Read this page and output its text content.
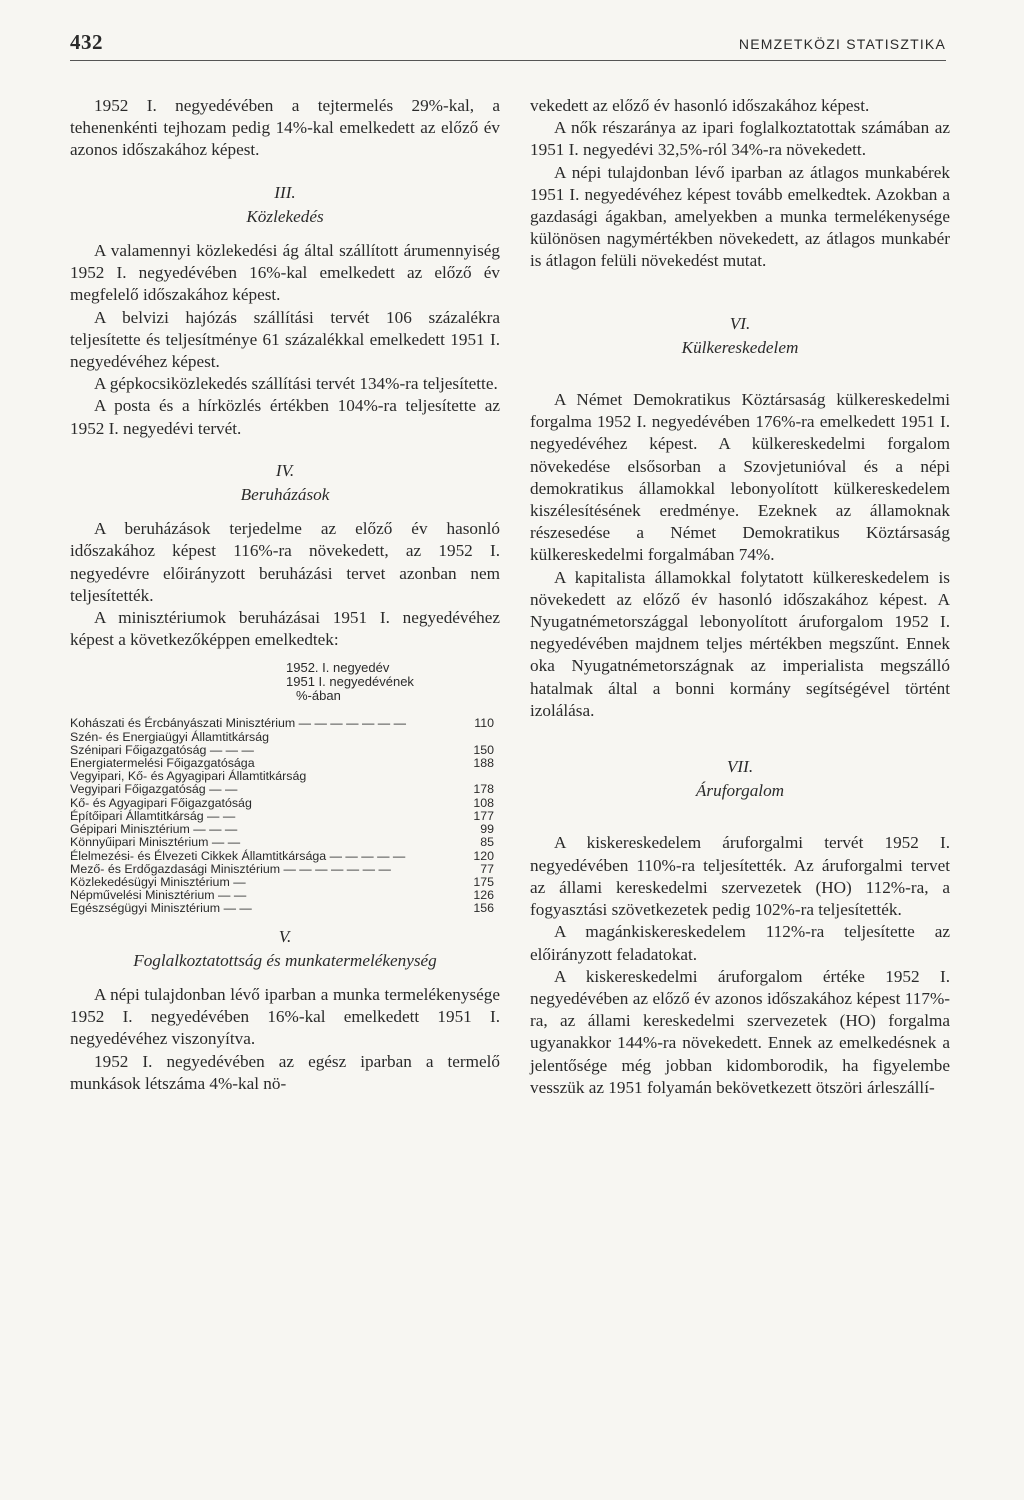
432	NEMZETKÖZI STATISZTIKA

1952 I. negyedévében a tejtermelés 29%-kal, a tehenenkénti tejhozam pedig 14%-kal emelkedett az előző év azonos időszakához képest.

III.
Közlekedés

A valamennyi közlekedési ág által szállított árumennyiség 1952 I. negyedévében 16%-kal emelkedett az előző év megfelelő időszakához képest.

A belvizi hajózás szállítási tervét 106 százalékra teljesítette és teljesítménye 61 százalékkal emelkedett 1951 I. negyedévéhez képest.

A gépkocsiközlekedés szállítási tervét 134%-ra teljesítette.

A posta és a hírközlés értékben 104%-ra teljesítette az 1952 I. negyedévi tervét.

IV.
Beruházások

A beruházások terjedelme az előző év hasonló időszakához képest 116%-ra növekedett, az 1952 I. negyedévre előirányzott beruházási tervet azonban nem teljesítették.

A minisztériumok beruházásai 1951 I. negyedévéhez képest a következőképpen emelkedtek:

1952. I. negyedév
1951 I. negyedévének
%-ában
Kohászati és Ércbányászati Minisztérium — — — — — — —	110
Szén- és Energiaügyi Államtitkárság
Szénipari Főigazgatóság — — —	150
Energiatermelési Főigazgatósága	188
Vegyipari, Kő- és Agyagipari Államtitkárság
Vegyipari Főigazgatóság — —	178
Kő- és Agyagipari Főigazgatóság	108
Építőipari Államtitkárság — —	177
Gépipari Minisztérium — — —	99
Könnyűipari Minisztérium — —	85
Élelmezési- és Élvezeti Cikkek Államtitkársága — — — — —	120
Mező- és Erdőgazdasági Minisztérium — — — — — — —	77
Közlekedésügyi Minisztérium —	175
Népművelési Minisztérium — —	126
Egészségügyi Minisztérium — —	156
V.
Foglalkoztatottság és munkatermelékenység

A népi tulajdonban lévő iparban a munka termelékenysége 1952 I. negyedévében 16%-kal emelkedett 1951 I. negyedévéhez viszonyítva.

1952 I. negyedévében az egész iparban a termelő munkások létszáma 4%-kal nö-

vekedett az előző év hasonló időszakához képest.

A nők részaránya az ipari foglalkoztatottak számában az 1951 I. negyedévi 32,5%-ról 34%-ra növekedett.

A népi tulajdonban lévő iparban az átlagos munkabérek 1951 I. negyedévéhez képest tovább emelkedtek. Azokban a gazdasági ágakban, amelyekben a munka termelékenysége különösen nagymértékben növekedett, az átlagos munkabér is átlagon felüli növekedést mutat.

VI.
Külkereskedelem

A Német Demokratikus Köztársaság külkereskedelmi forgalma 1952 I. negyedévében 176%-ra emelkedett 1951 I. negyedévéhez képest. A külkereskedelmi forgalom növekedése elsősorban a Szovjetunióval és a népi demokratikus államokkal lebonyolított külkereskedelem kiszélesítésének eredménye. Ezeknek az államoknak részesedése a Német Demokratikus Köztársaság külkereskedelmi forgalmában 74%.

A kapitalista államokkal folytatott külkereskedelem is növekedett az előző év hasonló időszakához képest. A Nyugatnémetországgal lebonyolított áruforgalom 1952 I. negyedévében majdnem teljes mértékben megszűnt. Ennek oka Nyugatnémetországnak az imperialista megszálló hatalmak által a bonni kormány segítségével történt izolálása.

VII.
Áruforgalom

A kiskereskedelem áruforgalmi tervét 1952 I. negyedévében 110%-ra teljesítették. Az áruforgalmi tervet az állami kereskedelmi szervezetek (HO) 112%-ra, a fogyasztási szövetkezetek pedig 102%-ra teljesítették.

A magánkiskereskedelem 112%-ra teljesítette az előirányzott feladatokat.

A kiskereskedelmi áruforgalom értéke 1952 I. negyedévében az előző év azonos időszakához képest 117%-ra, az állami kereskedelmi szervezetek (HO) forgalma ugyanakkor 144%-ra növekedett. Ennek az emelkedésnek a jelentősége még jobban kidomborodik, ha figyelembe vesszük az 1951 folyamán bekövetkezett ötszöri árleszállí-
